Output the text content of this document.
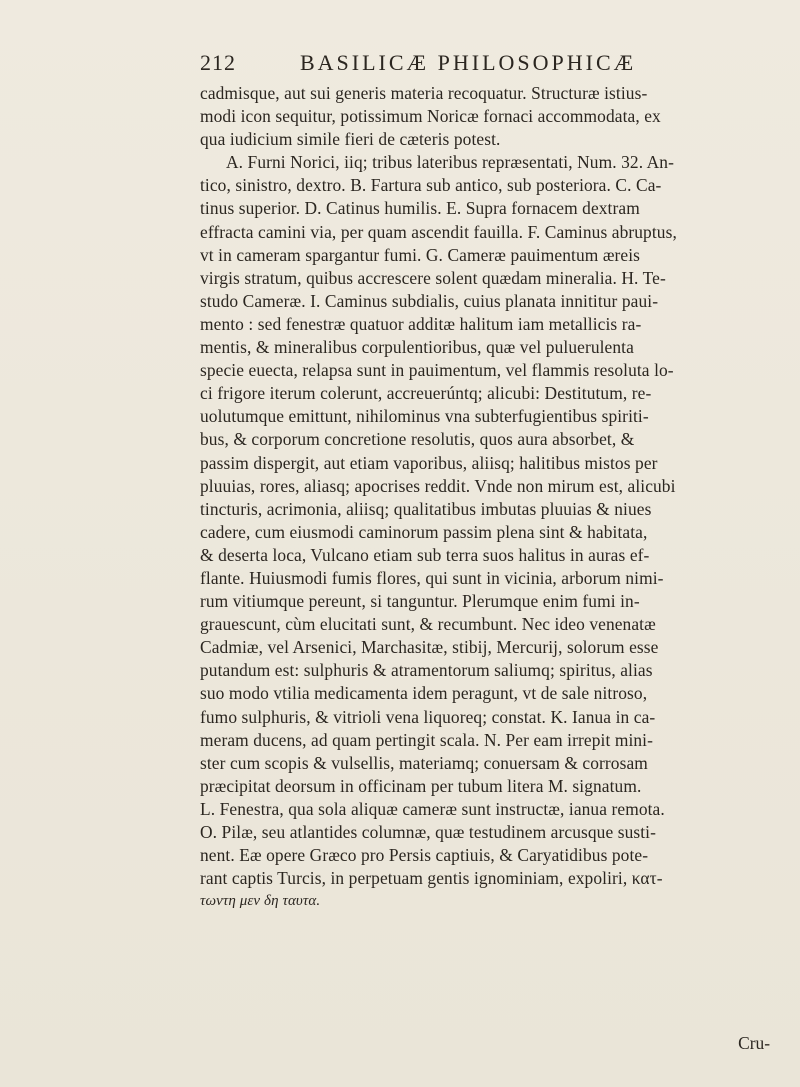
212	BASILICÆ PHILOSOPHICÆ
cadmisque, aut sui generis materia recoquatur. Structuræ istius-
modi icon sequitur, potissimum Noricæ fornaci accommodata, ex
qua iudicium simile fieri de cæteris potest.
A. Furni Norici, iiq; tribus lateribus repræsentati, Num. 32. An-
tico, sinistro, dextro. B. Fartura sub antico, sub posteriora. C. Ca-
tinus superior. D. Catinus humilis. E. Supra fornacem dextram
effracta camini via, per quam ascendit fauilla. F. Caminus abruptus,
vt in cameram spargantur fumi. G. Cameræ pauimentum æreis
virgis stratum, quibus accrescere solent quædam mineralia. H. Te-
studo Cameræ. I. Caminus subdialis, cuius planata innititur paui-
mento : sed fenestræ quatuor additæ halitum iam metallicis ra-
mentis, & mineralibus corpulentioribus, quæ vel puluerulenta
specie euecta, relapsa sunt in pauimentum, vel flammis resoluta lo-
ci frigore iterum colerunt, accreuerúntq; alicubi: Destitutum, re-
uolutumque emittunt, nihilominus vna subterfugientibus spiriti-
bus, & corporum concretione resolutis, quos aura absorbet, &
passim dispergit, aut etiam vaporibus, aliisq; halitibus mistos per
pluuias, rores, aliasq; apocrises reddit. Vnde non mirum est, alicubi
tincturis, acrimonia, aliisq; qualitatibus imbutas pluuias & niues
cadere, cum eiusmodi caminorum passim plena sint & habitata,
& deserta loca, Vulcano etiam sub terra suos halitus in auras ef-
flante. Huiusmodi fumis flores, qui sunt in vicinia, arborum nimi-
rum vitiumque pereunt, si tanguntur. Plerumque enim fumi in-
grauescunt, cùm elucitati sunt, & recumbunt. Nec ideo venenatæ
Cadmiæ, vel Arsenici, Marchasitæ, stibij, Mercurij, solorum esse
putandum est: sulphuris & atramentorum saliumq; spiritus, alias
suo modo vtilia medicamenta idem peragunt, vt de sale nitroso,
fumo sulphuris, & vitrioli vena liquoreq; constat. K. Ianua in ca-
meram ducens, ad quam pertingit scala. N. Per eam irrepit mini-
ster cum scopis & vulsellis, materiamq; conuersam & corrosam
præcipitat deorsum in officinam per tubum litera M. signatum.
L. Fenestra, qua sola aliquæ cameræ sunt instructæ, ianua remota.
O. Pilæ, seu atlantides columnæ, quæ testudinem arcusque susti-
nent. Eæ opere Græco pro Persis captiuis, & Caryatidibus pote-
rant captis Turcis, in perpetuam gentis ignominiam, expoliri, κατ-
τωντη μεν δη ταυτα.
Cru-
